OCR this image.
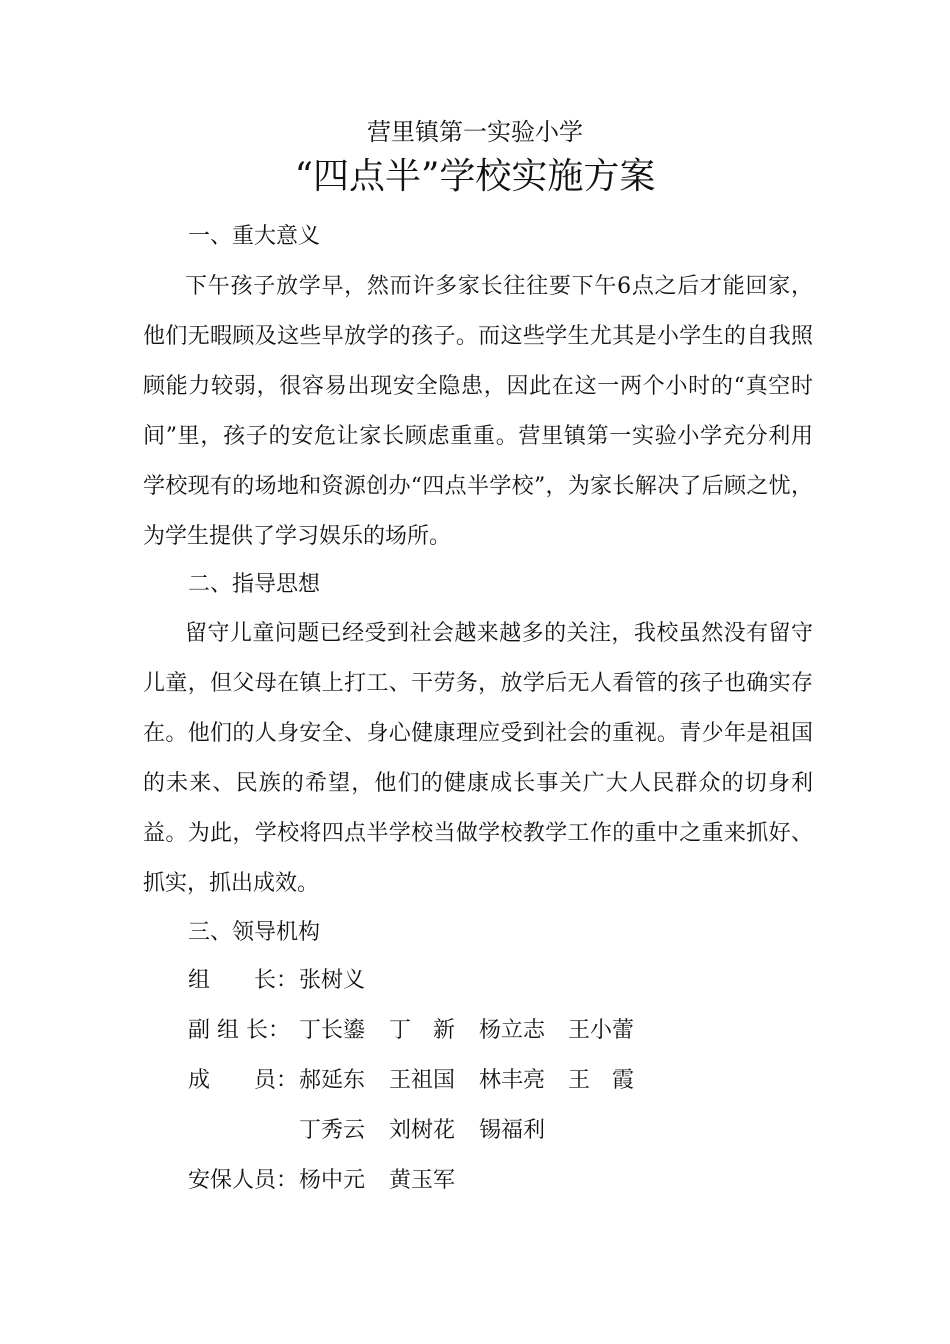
营里镇第一实验小学
“四点半”学校实施方案
一、重大意义

下午孩子放学早，然而许多家长往往要下午6点之后才能回家，他们无暇顾及这些早放学的孩子。而这些学生尤其是小学生的自我照顾能力较弱，很容易出现安全隐患，因此在这一两个小时的“真空时间”里，孩子的安危让家长顾虑重重。营里镇第一实验小学充分利用学校现有的场地和资源创办“四点半学校”，为家长解决了后顾之忧，为学生提供了学习娱乐的场所。

二、指导思想

留守儿童问题已经受到社会越来越多的关注，我校虽然没有留守儿童，但父母在镇上打工、干劳务，放学后无人看管的孩子也确实存在。他们的人身安全、身心健康理应受到社会的重视。青少年是祖国的未来、民族的希望，他们的健康成长事关广大人民群众的切身利益。为此，学校将四点半学校当做学校教学工作的重中之重来抓好、抓实，抓出成效。

三、领导机构
组　　长： 张树义
副 组 长： 丁长鎏 丁　新 杨立志 王小蕾
成　　员： 郝延东 王祖国 林丰亮 王　霞
丁秀云 刘树花 锡福利
安保人员： 杨中元 黄玉军
